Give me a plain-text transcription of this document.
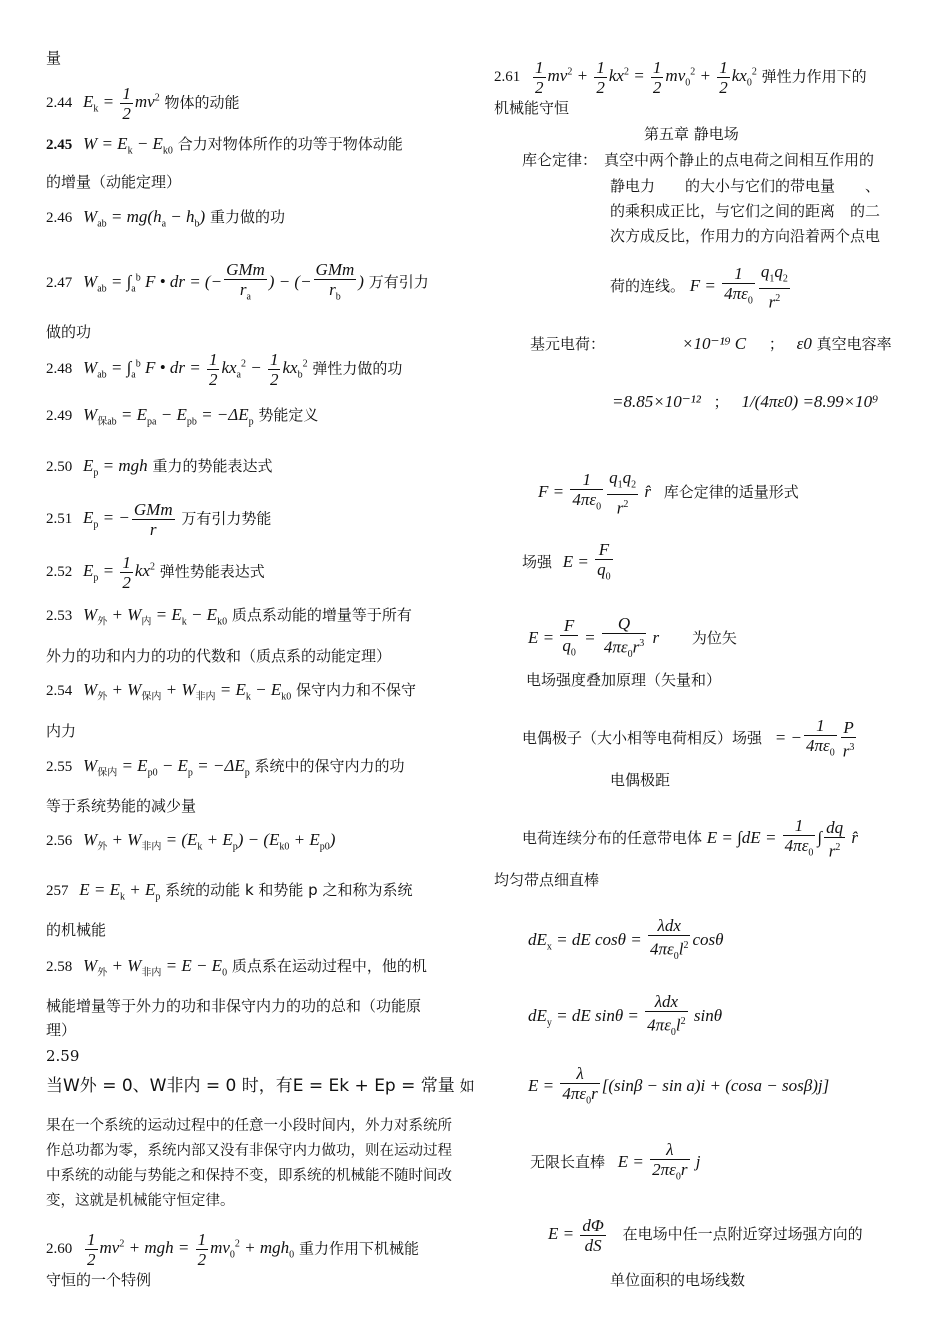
量
2.44 $E_k = \frac{1}{2} mv^2$ 物体的动能
2.45 $W = E_k - E_{k0}$ 合力对物体所作的功等于物体动能
的增量（动能定理）
2.46 $W_{ab} = mg(h_a - h_b)$ 重力做的功
2.47 $W_{ab} = \int_a^b$ F • dr = (− $\frac{\text{GMm}}{r_a}$ ) − (− $\frac{\text{GMm}}{r_b}$ ) 万有引力
做的功
2.48 $W_{ab} = \int_a^b$ F • dr = $\frac{1}{2} kx_a^2 - \frac{1}{2} kx_b^2$ 弹性力做的功
2.49 $W_{保ab} = E_{pa} - E_{pb} = -\Delta E_p$ 势能定义
2.50 $E_p$ = mgh 重力的势能表达式
2.51 $E_p$ = − $\frac{\text{GMm}}{r}$ 万有引力势能
2.52 $E_p = \frac{1}{2} kx^2$ 弹性势能表达式
2.53 $W_外 + W_内 = E_k - E_{k0}$ 质点系动能的增量等于所有
外力的功和内力的功的代数和（质点系的动能定理）
2.54 $W_外 + W_{保内} + W_{非内} = E_k - E_{k0}$ 保守内力和不保守
内力
2.55 $W_{保内} = E_{p0} - E_p = -\Delta E_p$ 系统中的保守内力的功
等于系统势能的减少量
2.56 $W_外 + W_{非内} = (E_k + E_p) - (E_{k0} + E_{p0})$
257 $E = E_k + E_p$ 系统的动能 k 和势能 p 之和称为系统
的机械能
2.58 $W_外 + W_{非内} = E - E_0$ 质点系在运动过程中，他的机
械能增量等于外力的功和非保守内力的功的总和（功能原
理）
2.59
当W外 = 0、W非内 = 0 时，有E = Ek + Ep = 常量 如
果在一个系统的运动过程中的任意一小段时间内，外力对系统所作总功都为零，系统内部又没有非保守内力做功，则在运动过程中系统的动能与势能之和保持不变，即系统的机械能不随时间改变，这就是机械能守恒定律。
$2.60 \frac{1}{2} mv^2$ + mgh = $\frac{1}{2} mv_0^2 + mgh_0$ 重力作用下机械能
守恒的一个特例
$2.61 \frac{1}{2} mv^2 + \frac{1}{2} kx^2 = \frac{1}{2} mv_0^2 + \frac{1}{2} kx_0^2$ 弹性力作用下的
机械能守恒
第五章 静电场
库仑定律： 真空中两个静止的点电荷之间相互作用的
静电力　　的大小与它们的带电量　　、
的乘积成正比，与它们之间的距离　的二
次方成反比，作用力的方向沿着两个点电
荷的连线。 $F = \frac{1}{4\pi\varepsilon_0} \frac{q_1q_2}{r^2}$
基元电荷：	×10⁻¹⁹ C ； ε0 真空电容率
=8.85×10⁻¹² ； 1/(4πε0) =8.99×10⁹
$F = \frac{1}{4\pi\varepsilon_0} \frac{q_1q_2}{r^2}$ r̂ 库仑定律的适量形式
场强 $E = \frac{F}{q_0}$
$E = \frac{F}{q_0} = \frac{Q}{4\pi\varepsilon_0r^3}$ r 为位矢
电场强度叠加原理（矢量和）
电偶极子（大小相等电荷相反）场强 = − $\frac{1}{4\pi\varepsilon_0} \frac{P}{r^3}$
电偶极距
电荷连续分布的任意带电体 $E = \int dE = \frac{1}{4\pi\varepsilon_0}$ ∫ $\frac{dq}{r^2}$ r̂
均匀带点细直棒
$dE_x$ = dE $\cos\theta = \frac{\text{λdx}}{4\pi\varepsilon_0l^2}$ cosθ
$dE_y$ = dE $\sin\theta = \frac{\text{λdx}}{4\pi\varepsilon_0l^2}$ sinθ
$E = \frac{\lambda}{4\pi\varepsilon_0r} [(\sin\beta - \sin a)i + (\cos a - sos\beta)j]$
无限长直棒 $E = \frac{\lambda}{2\pi\varepsilon_0r}$ j
$E = \frac{d\Phi}{dS}$ 在电场中任一点附近穿过场强方向的
单位面积的电场线数
